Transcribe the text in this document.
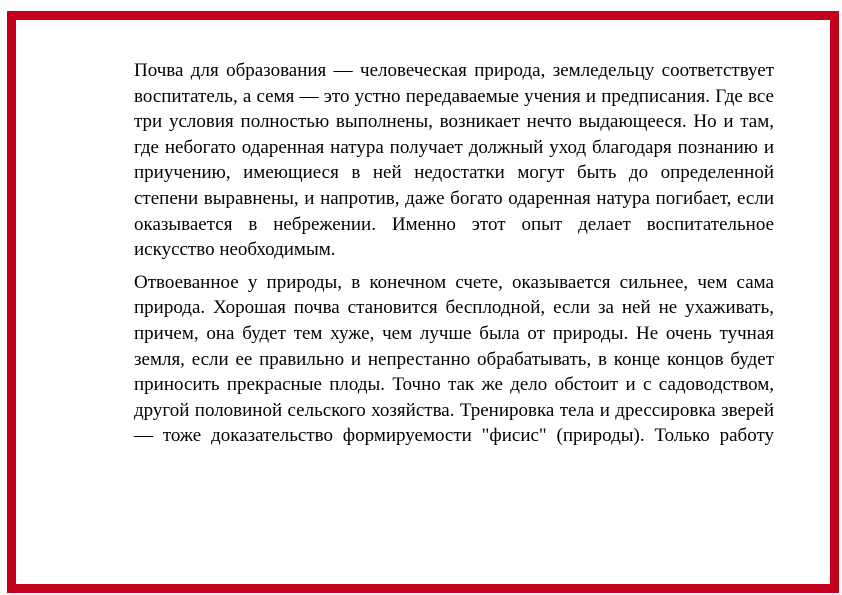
Почва для образования — человеческая природа, земледельцу соответствует воспитатель, а семя — это устно передаваемые учения и предписания. Где все три условия полностью выполнены, возникает нечто выдающееся. Но и там, где небогато одаренная натура получает должный уход благодаря познанию и приучению, имеющиеся в ней недостатки могут быть до определенной степени выравнены, и напротив, даже богато одаренная натура погибает, если оказывается в небрежении. Именно этот опыт делает воспитательное искусство необходимым.

Отвоеванное у природы, в конечном счете, оказывается сильнее, чем сама природа. Хорошая почва становится бесплодной, если за ней не ухаживать, причем, она будет тем хуже, чем лучше была от природы. Не очень тучная земля, если ее правильно и непрестанно обрабатывать, в конце концов будет приносить прекрасные плоды. Точно так же дело обстоит и с садоводством, другой половиной сельского хозяйства. Тренировка тела и дрессировка зверей — тоже доказательство формируемости "фисис" (природы). Только работу
